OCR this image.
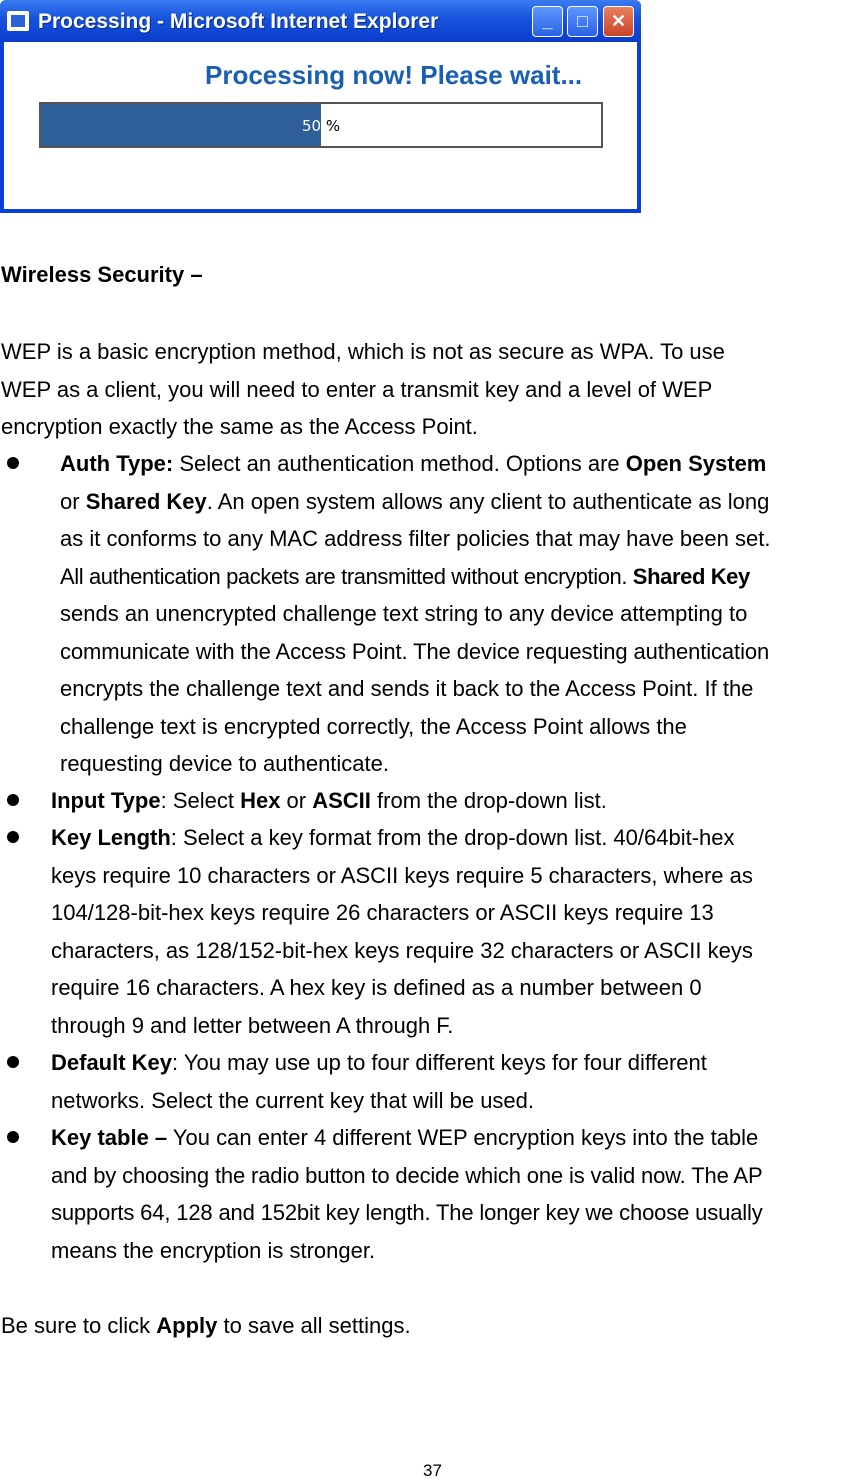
Processing - Microsoft Internet Explorer	_	□	✕
Processing now! Please wait...
50 %
Wireless Security –
WEP is a basic encryption method, which is not as secure as WPA. To use
WEP as a client, you will need to enter a transmit key and a level of WEP
encryption exactly the same as the Access Point.
Auth Type: Select an authentication method. Options are Open System
or Shared Key. An open system allows any client to authenticate as long
as it conforms to any MAC address filter policies that may have been set.
All authentication packets are transmitted without encryption. Shared Key
sends an unencrypted challenge text string to any device attempting to
communicate with the Access Point. The device requesting authentication
encrypts the challenge text and sends it back to the Access Point. If the
challenge text is encrypted correctly, the Access Point allows the
requesting device to authenticate.
Input Type: Select Hex or ASCII from the drop-down list.
Key Length: Select a key format from the drop-down list. 40/64bit-hex
keys require 10 characters or ASCII keys require 5 characters, where as
104/128-bit-hex keys require 26 characters or ASCII keys require 13
characters, as 128/152-bit-hex keys require 32 characters or ASCII keys
require 16 characters. A hex key is defined as a number between 0
through 9 and letter between A through F.
Default Key: You may use up to four different keys for four different
networks. Select the current key that will be used.
Key table – You can enter 4 different WEP encryption keys into the table
and by choosing the radio button to decide which one is valid now. The AP
supports 64, 128 and 152bit key length. The longer key we choose usually
means the encryption is stronger.
Be sure to click Apply to save all settings.
37
